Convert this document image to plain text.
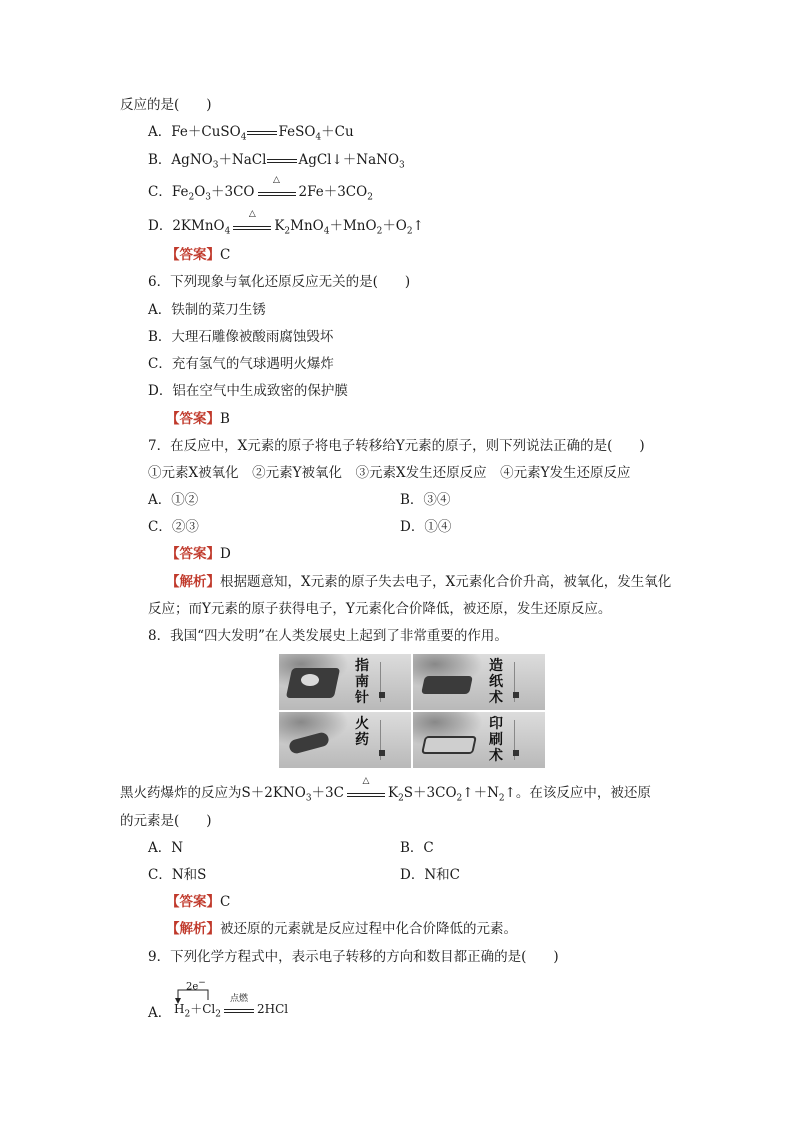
反应的是(　　)
A．Fe＋CuSO$_4$ FeSO$_4$＋Cu
B．AgNO$_3$＋NaCl AgCl↓＋NaNO$_3$
C．$Fe_2O_3+3CO$
△
$2Fe+3CO_2$
D．2KMnO$_4$
△
$K_2MnO_4+MnO_2+O_2↑$
【答案】C
6．下列现象与氧化还原反应无关的是(　　)
A．铁制的菜刀生锈
B．大理石雕像被酸雨腐蚀毁坏
C．充有氢气的气球遇明火爆炸
D．铝在空气中生成致密的保护膜
【答案】B
7．在反应中，X元素的原子将电子转移给Y元素的原子，则下列说法正确的是(　　)
①元素X被氧化　②元素Y被氧化　③元素X发生还原反应　④元素Y发生还原反应
A．①②	B．③④
C．②③	D．①④
【答案】D
【解析】根据题意知，X元素的原子失去电子，X元素化合价升高，被氧化，发生氧化
反应；而Y元素的原子获得电子，Y元素化合价降低，被还原，发生还原反应。
8．我国“四大发明”在人类发展史上起到了非常重要的作用。
指南针
造纸术
火药
印刷术
黑火药爆炸的反应为$S+2KNO_3+3C$
△
$K_2S+3CO_2↑+N_2↑$。在该反应中，被还原
的元素是(　　)
A．N	B．C
C．N和S	D．N和C
【答案】C
【解析】被还原的元素就是反应过程中化合价降低的元素。
9．下列化学方程式中，表示电子转移的方向和数目都正确的是(　　)
A．
2e−
$H_2+Cl_2$
点燃
2HCl
